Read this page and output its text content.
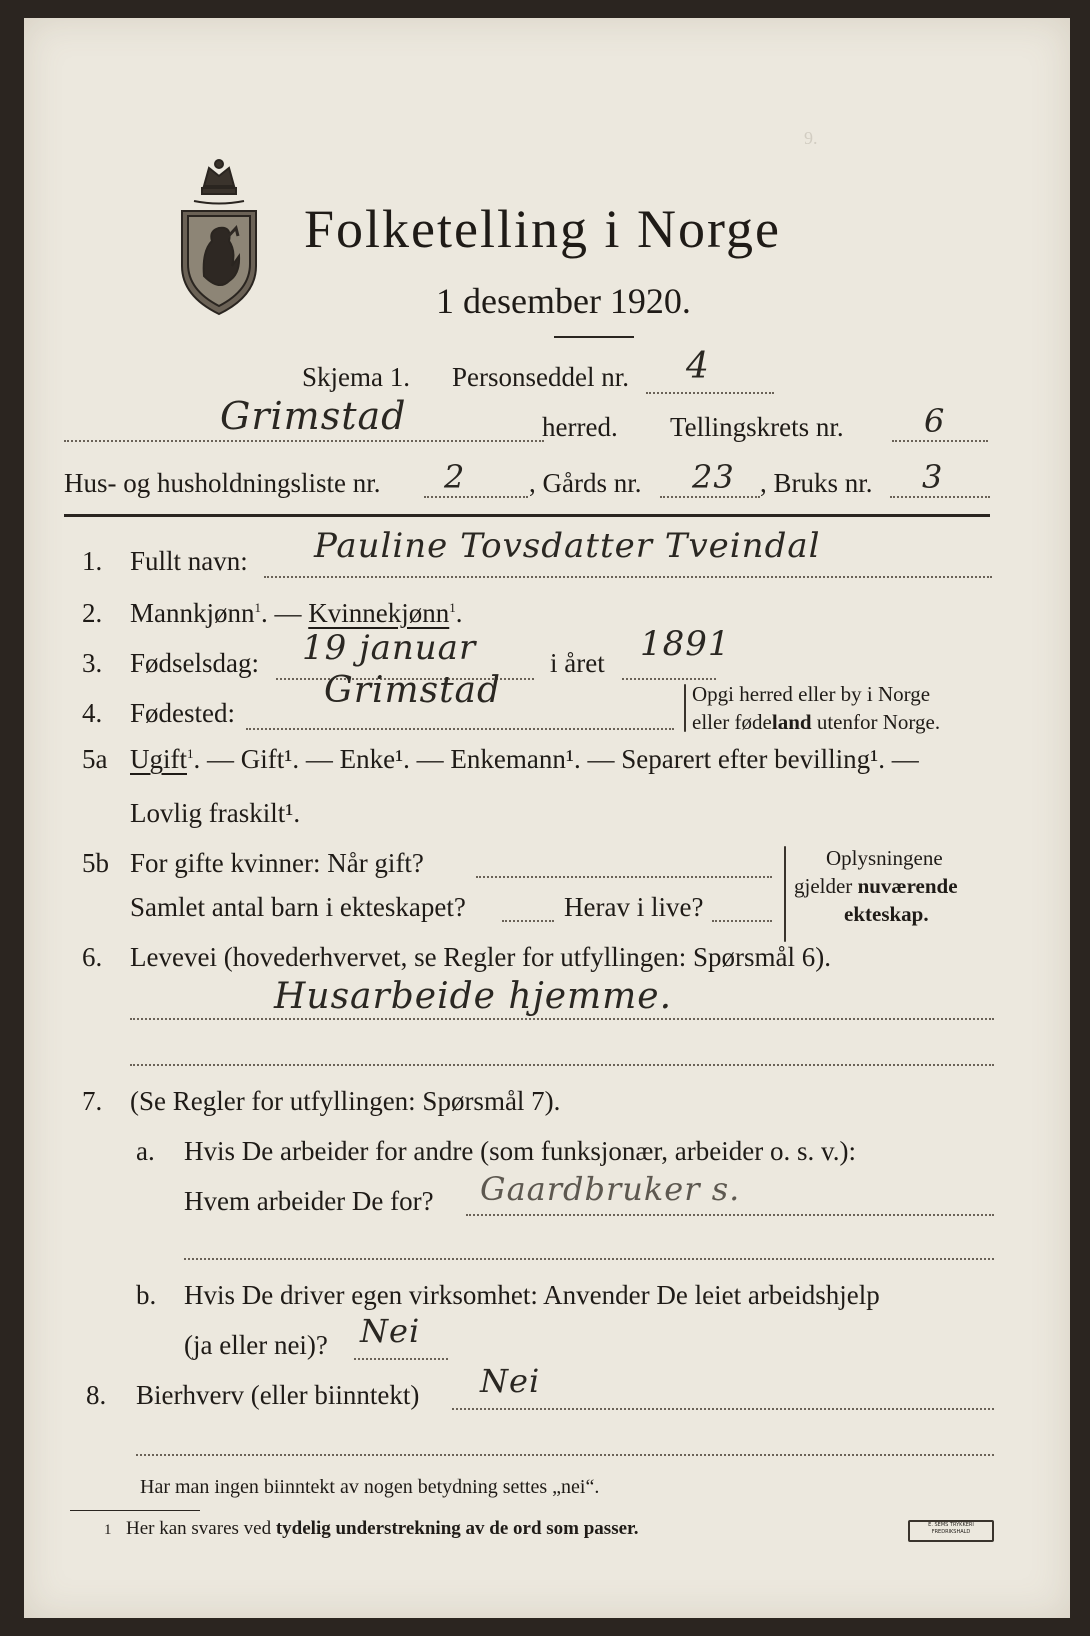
9.
Folketelling i Norge
1 desember 1920.
Skjema 1. Personseddel nr. 4
Grimstad	herred. Tellingskrets nr.	6
Hus- og husholdningsliste nr. 2 , Gårds nr. 23 , Bruks nr. 3
1. Fullt navn: Pauline Tovsdatter Tveindal
2. Mannkjønn$^1$. — Kvinnekjønn$^1$.
3. Fødselsdag: 19 januar	i året 1891
4. Fødested:
Grimstad	Opgi herred eller by i Norge
eller fødeland utenfor Norge.
5a Ugift$^1$. — Gift¹. — Enke¹. — Enkemann¹. — Separert efter bevilling¹. —
Lovlig fraskilt¹.
5b For gifte kvinner: Når gift?
Samlet antal barn i ekteskapet?	Herav i live?
Oplysningene
gjelder nuværende
ekteskap.
6. Levevei (hovederhvervet, se Regler for utfyllingen: Spørsmål 6).
Husarbeide hjemme.
7. (Se Regler for utfyllingen: Spørsmål 7).
a. Hvis De arbeider for andre (som funksjonær, arbeider o. s. v.):
Hvem arbeider De for? Gaardbruker s.
b. Hvis De driver egen virksomhet: Anvender De leiet arbeidshjelp
(ja eller nei)? Nei
8. Bierhverv (eller biinntekt) Nei
Har man ingen biinntekt av nogen betydning settes „nei“.
1 Her kan svares ved tydelig understrekning av de ord som passer.	E. SEMS TRYKKERI FREDRIKSHALD
